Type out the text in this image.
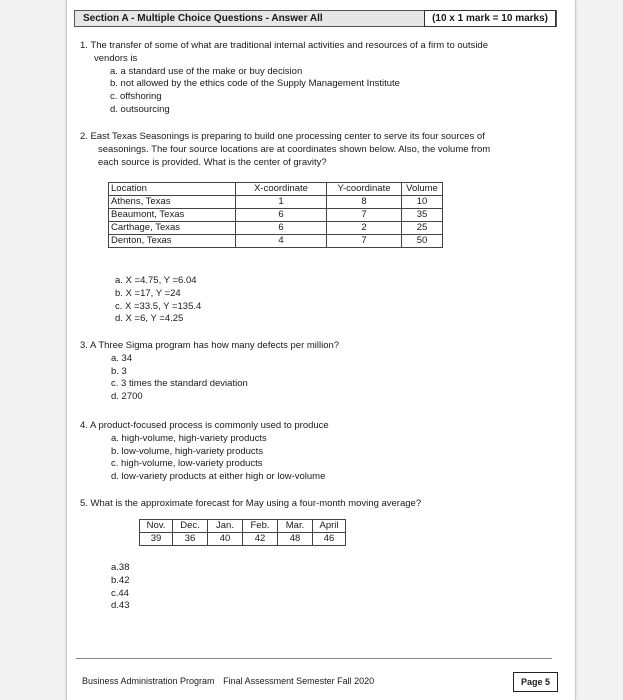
Section A - Multiple Choice Questions - Answer All	(10 x 1 mark = 10 marks)

1. The transfer of some of what are traditional internal activities and resources of a firm to outside

vendors is

a. a standard use of the make or buy decision

b. not allowed by the ethics code of the Supply Management Institute

c. offshoring

d. outsourcing

2. East Texas Seasonings is preparing to build one processing center to serve its four sources of

seasonings. The four source locations are at coordinates shown below. Also, the volume from

each source is provided. What is the center of gravity?

Location	X-coordinate	Y-coordinate	Volume
Athens, Texas	1	8	10
Beaumont, Texas	6	7	35
Carthage, Texas	6	2	25
Denton, Texas	4	7	50

a. X =4.75, Y =6.04

b. X =17, Y =24

c. X =33.5, Y =135.4

d. X =6, Y =4.25

3. A Three Sigma program has how many defects per million?

a. 34

b. 3

c. 3 times the standard deviation

d. 2700

4. A product-focused process is commonly used to produce

a. high-volume, high-variety products

b. low-volume, high-variety products

c. high-volume, low-variety products

d. low-variety products at either high or low-volume

5. What is the approximate forecast for May using a four-month moving average?

Nov.	Dec.	Jan.	Feb.	Mar.	April
39	36	40	42	48	46

a.38

b.42

c.44

d.43

Business Administration Program Final Assessment Semester Fall 2020	Page 5
